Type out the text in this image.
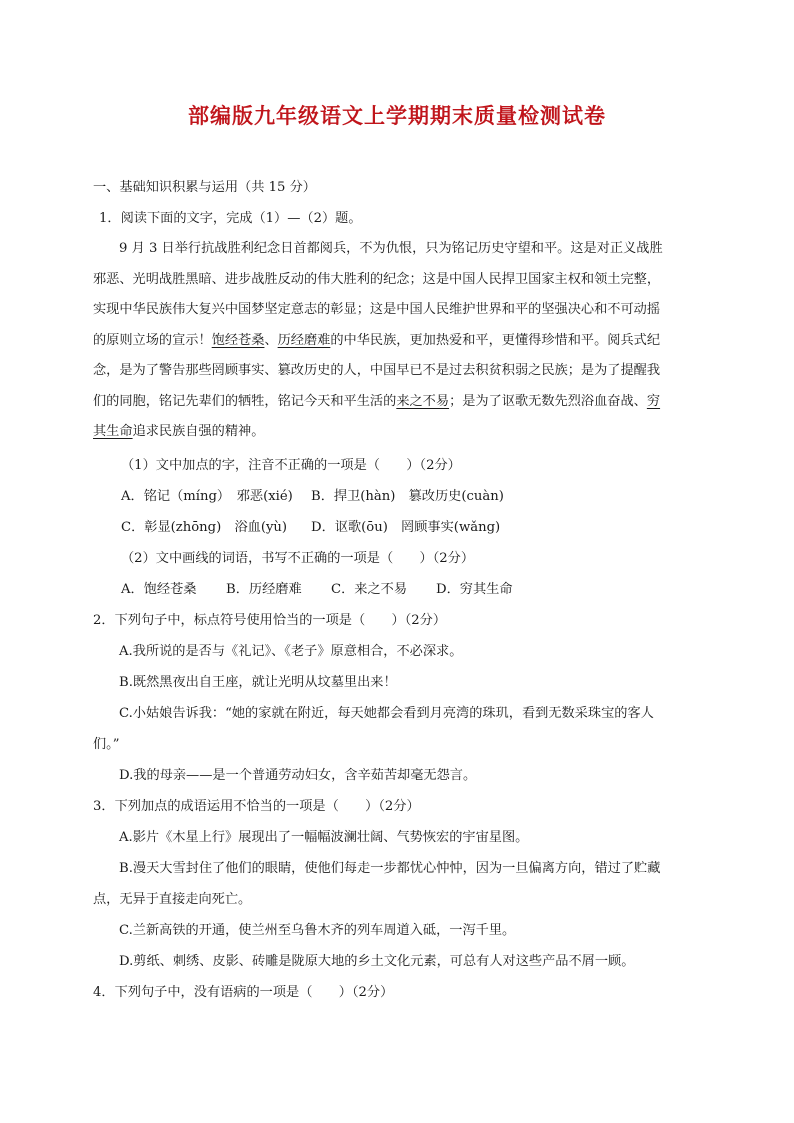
部编版九年级语文上学期期末质量检测试卷
一、基础知识积累与运用（共 15 分）
1．阅读下面的文字，完成（1）—（2）题。
9 月 3 日举行抗战胜利纪念日首都阅兵，不为仇恨，只为铭记历史守望和平。这是对正义战胜
邪恶、光明战胜黑暗、进步战胜反动的伟大胜利的纪念；这是中国人民捍卫国家主权和领土完整，
实现中华民族伟大复兴中国梦坚定意志的彰显；这是中国人民维护世界和平的坚强决心和不可动摇
的原则立场的宣示！饱经苍桑、历经磨难的中华民族，更加热爱和平，更懂得珍惜和平。阅兵式纪
念，是为了警告那些罔顾事实、篡改历史的人，中国早已不是过去积贫积弱之民族；是为了提醒我
们的同胞，铭记先辈们的牺牲，铭记今天和平生活的来之不易；是为了讴歌无数先烈浴血奋战、穷
其生命追求民族自强的精神。
（1）文中加点的字，注音不正确的一项是（　　）（2分）
A．铭记（míng）　邪恶(xié) B．捍卫(hàn)　篡改历史(cuàn)
C．彰显(zhōng)　浴血(yù) D．讴歌(ōu)　罔顾事实(wǎng)
（2）文中画线的词语，书写不正确的一项是（　　）（2分）
A．饱经苍桑 B．历经磨难 C．来之不易 D．穷其生命
2．下列句子中，标点符号使用恰当的一项是（　　）（2分）
A.我所说的是否与《礼记》、《老子》原意相合，不必深求。
B.既然黑夜出自王座，就让光明从坟墓里出来！
C.小姑娘告诉我：“她的家就在附近，每天她都会看到月亮湾的珠玑，看到无数采珠宝的客人
们。”
D.我的母亲——是一个普通劳动妇女，含辛茹苦却毫无怨言。
3．下列加点的成语运用不恰当的一项是（　　）（2分）
A.影片《木星上行》展现出了一幅幅波澜壮阔、气势恢宏的宇宙星图。
B.漫天大雪封住了他们的眼睛，使他们每走一步都忧心忡忡，因为一旦偏离方向，错过了贮藏
点，无异于直接走向死亡。
C.兰新高铁的开通，使兰州至乌鲁木齐的列车周道入砥，一泻千里。
D.剪纸、刺绣、皮影、砖雕是陇原大地的乡土文化元素，可总有人对这些产品不屑一顾。
4．下列句子中，没有语病的一项是（　　）（2分）
